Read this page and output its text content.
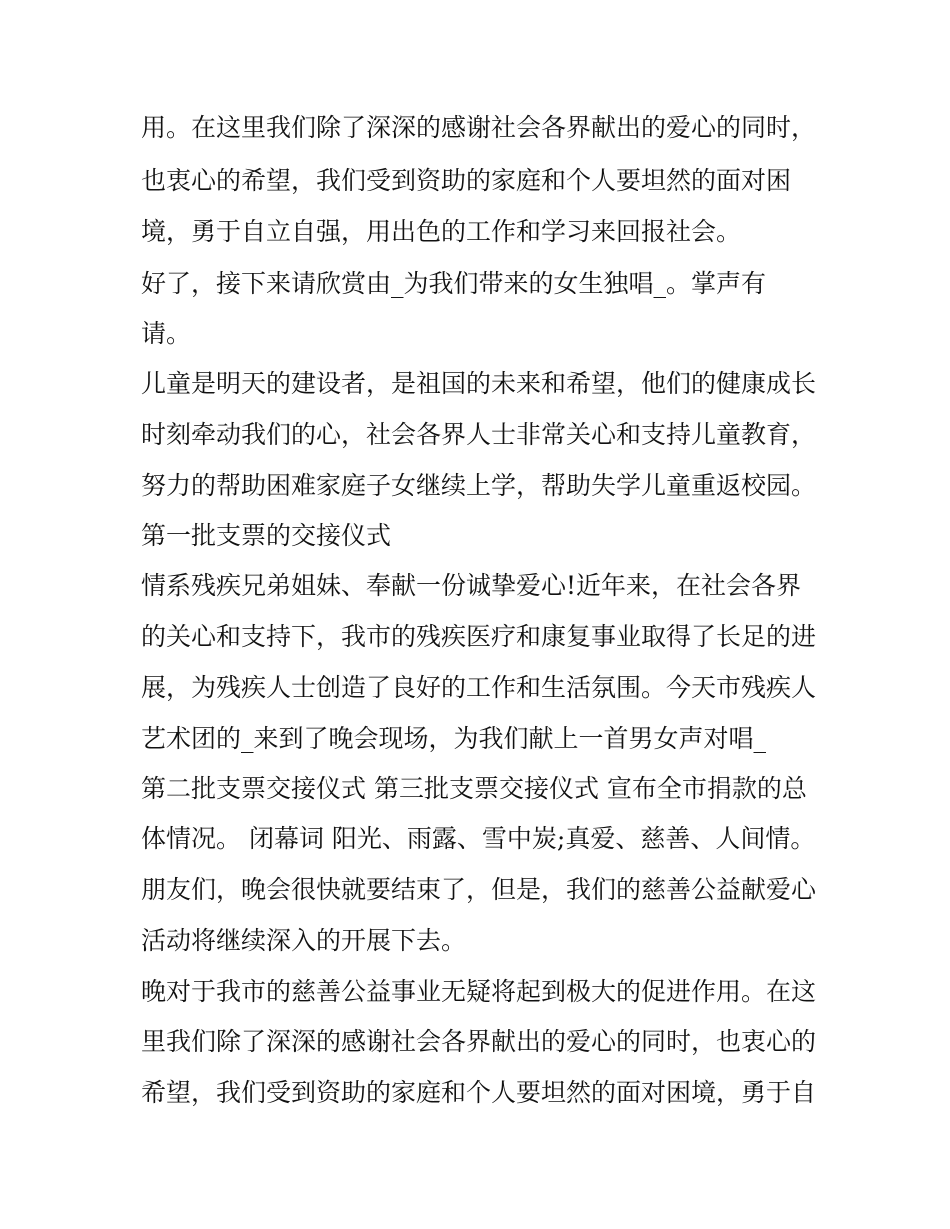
用。在这里我们除了深深的感谢社会各界献出的爱心的同时，
也衷心的希望，我们受到资助的家庭和个人要坦然的面对困
境，勇于自立自强，用出色的工作和学习来回报社会。
好了，接下来请欣赏由_为我们带来的女生独唱_。掌声有
请。
儿童是明天的建设者，是祖国的未来和希望，他们的健康成长
时刻牵动我们的心，社会各界人士非常关心和支持儿童教育，
努力的帮助困难家庭子女继续上学，帮助失学儿童重返校园。
第一批支票的交接仪式
情系残疾兄弟姐妹、奉献一份诚挚爱心!近年来，在社会各界
的关心和支持下，我市的残疾医疗和康复事业取得了长足的进
展，为残疾人士创造了良好的工作和生活氛围。今天市残疾人
艺术团的_来到了晚会现场，为我们献上一首男女声对唱_
第二批支票交接仪式 第三批支票交接仪式 宣布全市捐款的总
体情况。 闭幕词 阳光、雨露、雪中炭;真爱、慈善、人间情。
朋友们，晚会很快就要结束了，但是，我们的慈善公益献爱心
活动将继续深入的开展下去。
晚对于我市的慈善公益事业无疑将起到极大的促进作用。在这
里我们除了深深的感谢社会各界献出的爱心的同时，也衷心的
希望，我们受到资助的家庭和个人要坦然的面对困境，勇于自
